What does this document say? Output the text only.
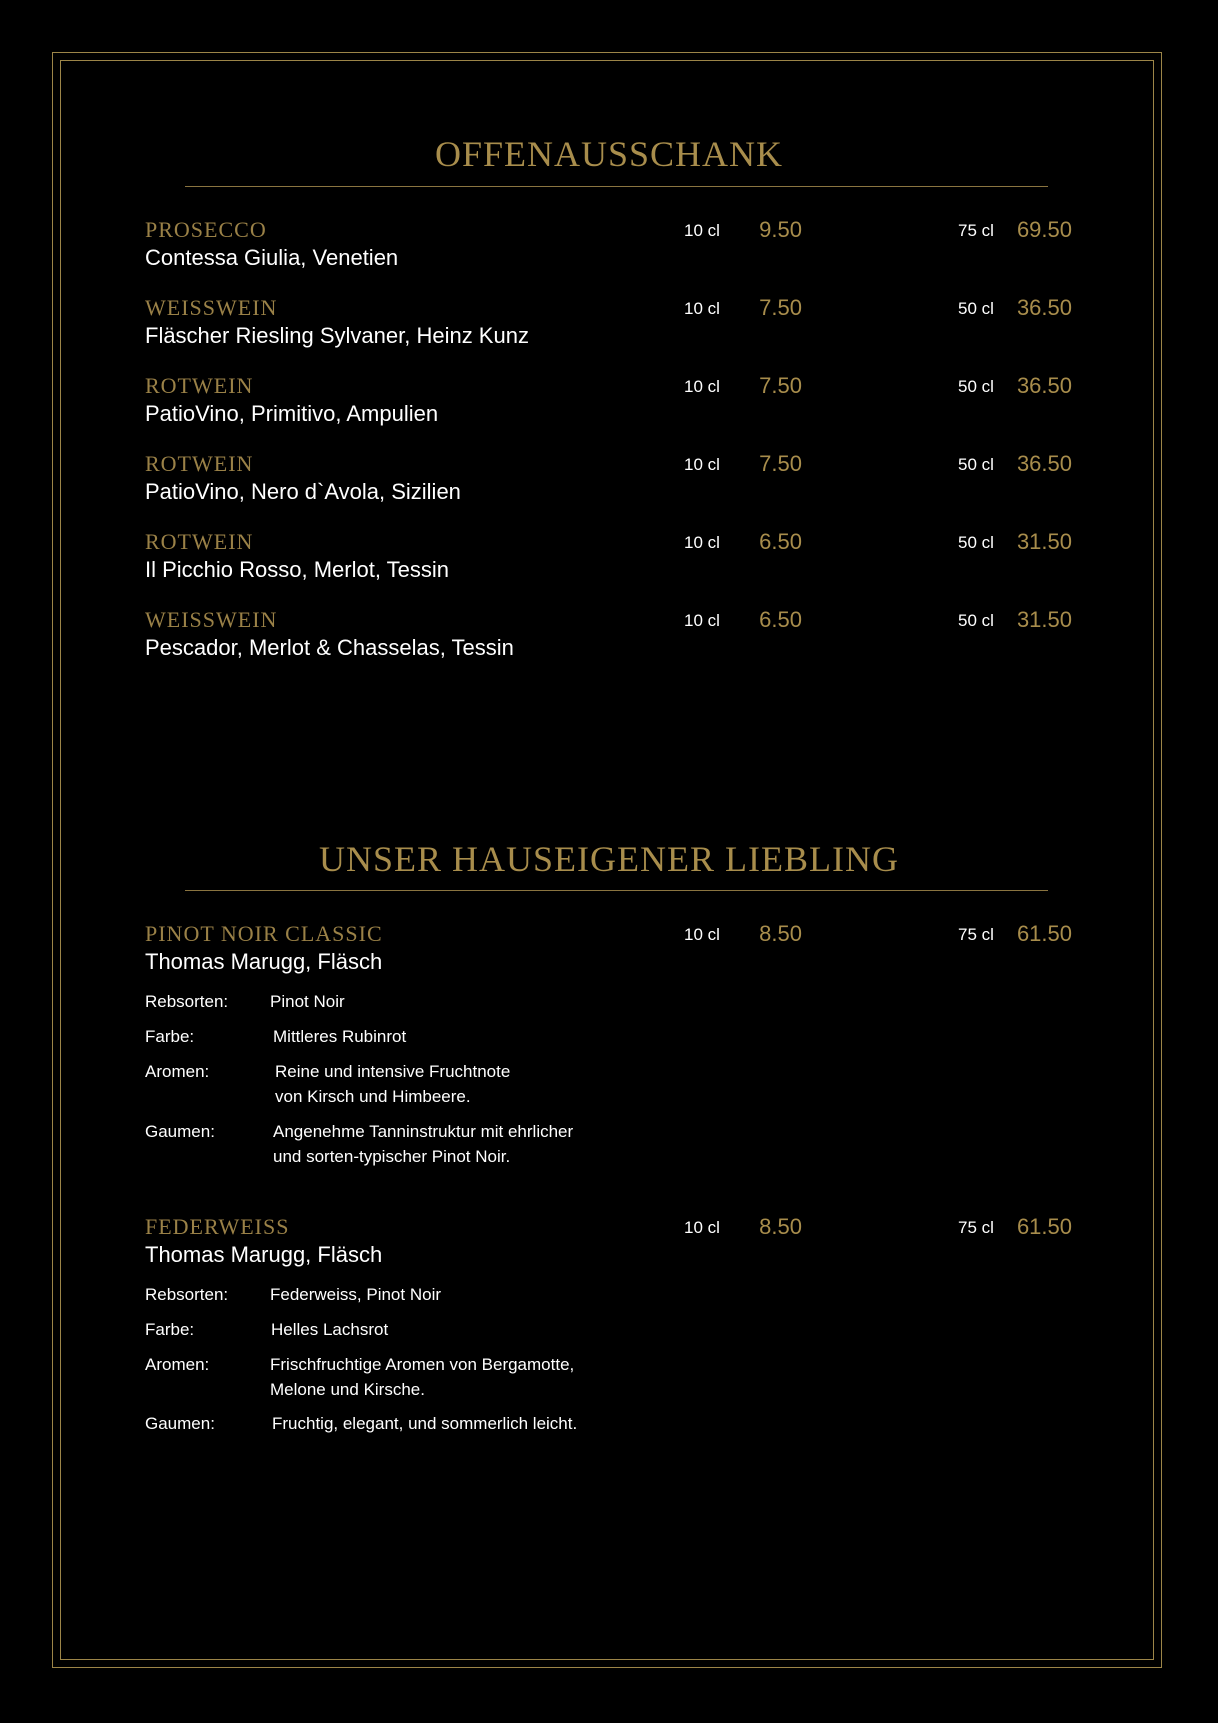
OFFENAUSSCHANK
PROSECCO
Contessa Giulia, Venetien
10 cl 9.50	75 cl 69.50
WEISSWEIN
Fläscher Riesling Sylvaner, Heinz Kunz
10 cl 7.50	50 cl 36.50
ROTWEIN
PatioVino, Primitivo, Ampulien
10 cl 7.50	50 cl 36.50
ROTWEIN
PatioVino, Nero d`Avola, Sizilien
10 cl 7.50	50 cl 36.50
ROTWEIN
Il Picchio Rosso, Merlot, Tessin
10 cl 6.50	50 cl 31.50
WEISSWEIN
Pescador, Merlot & Chasselas, Tessin
10 cl 6.50	50 cl 31.50
UNSER HAUSEIGENER LIEBLING
PINOT NOIR CLASSIC
Thomas Marugg, Fläsch
10 cl 8.50	75 cl 61.50
Rebsorten: Pinot Noir
Farbe:	Mittleres Rubinrot
Aromen:	Reine und intensive Fruchtnote
von Kirsch und Himbeere.
Gaumen:	Angenehme Tanninstruktur mit ehrlicher
und sorten-typischer Pinot Noir.
FEDERWEISS
Thomas Marugg, Fläsch
10 cl 8.50	75 cl 61.50
Rebsorten: Federweiss, Pinot Noir
Farbe:	Helles Lachsrot
Aromen:	Frischfruchtige Aromen von Bergamotte,
Melone und Kirsche.
Gaumen:	Fruchtig, elegant, und sommerlich leicht.
